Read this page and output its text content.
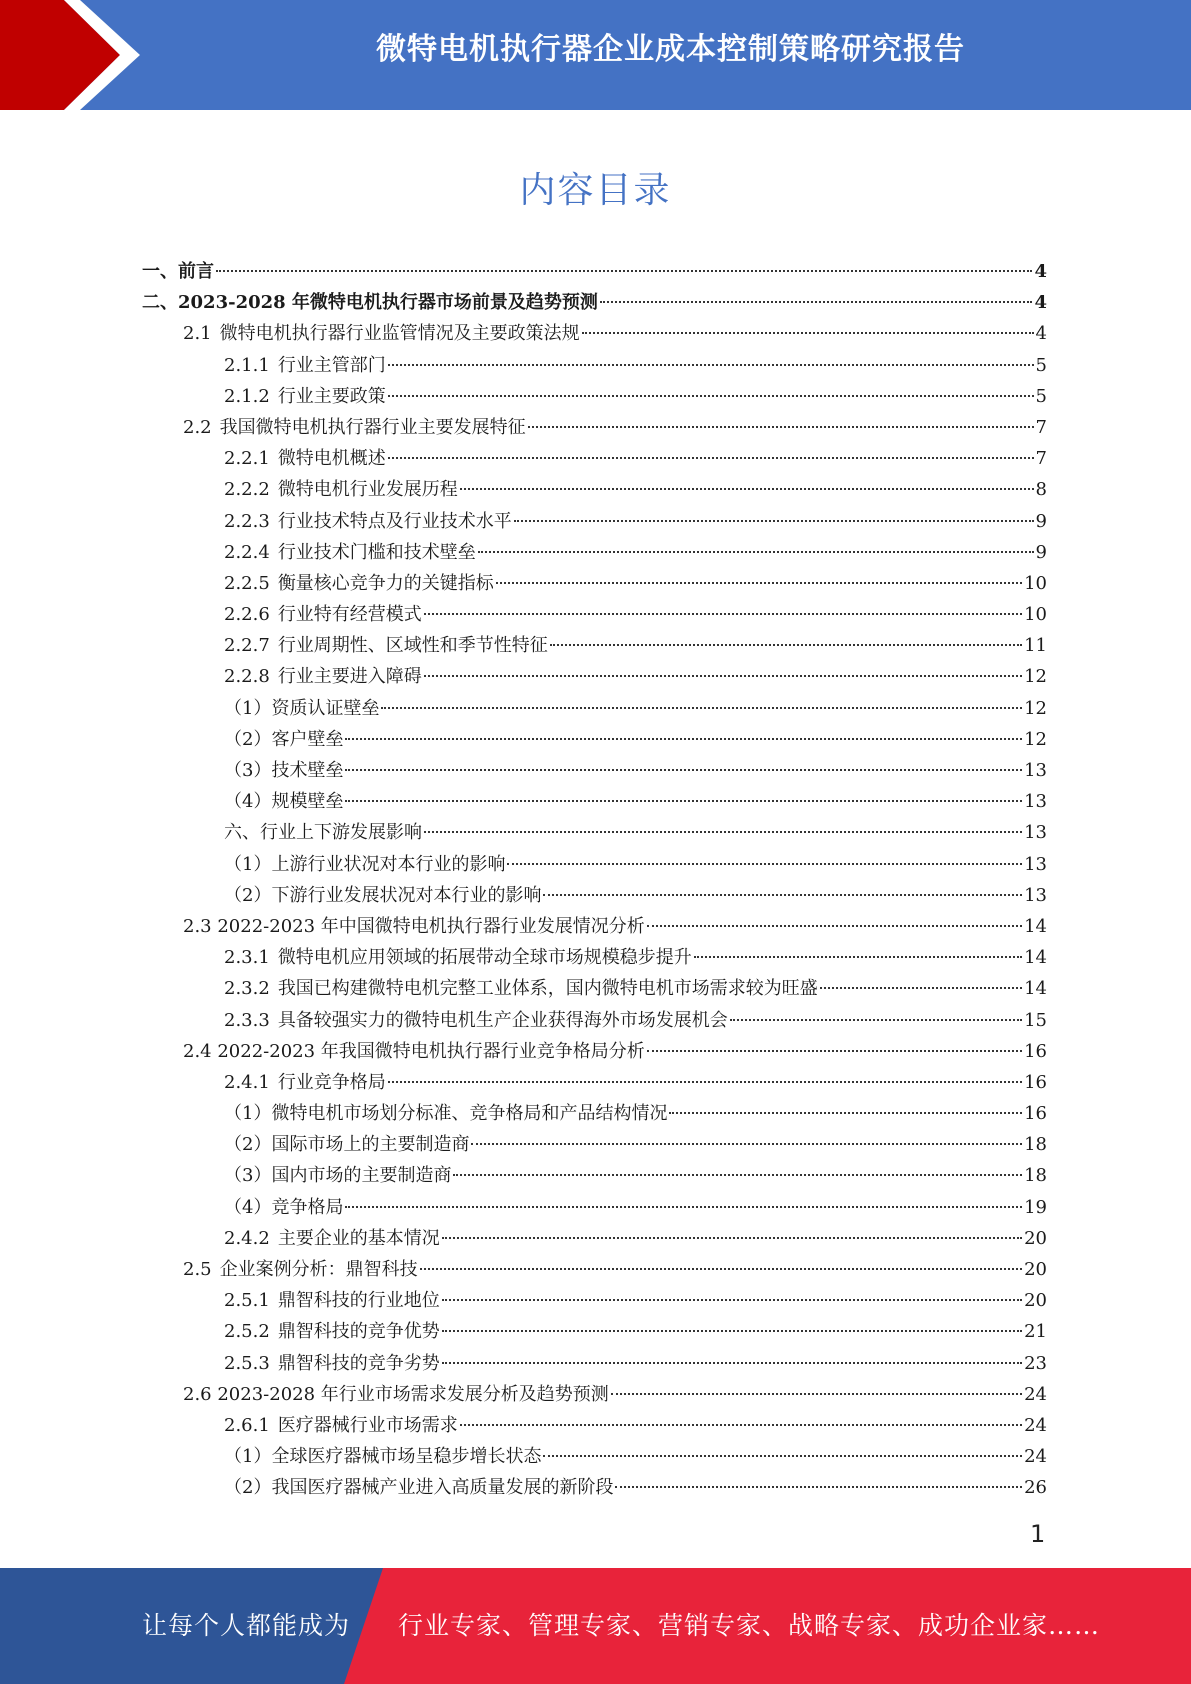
微特电机执行器企业成本控制策略研究报告
内容目录
一、前言	4
二、2023-2028 年微特电机执行器市场前景及趋势预测	4
2.1 微特电机执行器行业监管情况及主要政策法规	4
2.1.1 行业主管部门	5
2.1.2 行业主要政策	5
2.2 我国微特电机执行器行业主要发展特征	7
2.2.1 微特电机概述	7
2.2.2 微特电机行业发展历程	8
2.2.3 行业技术特点及行业技术水平	9
2.2.4 行业技术门槛和技术壁垒	9
2.2.5 衡量核心竞争力的关键指标	10
2.2.6 行业特有经营模式	10
2.2.7 行业周期性、区域性和季节性特征	11
2.2.8 行业主要进入障碍	12
（1）资质认证壁垒	12
（2）客户壁垒	12
（3）技术壁垒	13
（4）规模壁垒	13
六、行业上下游发展影响	13
（1）上游行业状况对本行业的影响	13
（2）下游行业发展状况对本行业的影响	13
2.3 2022-2023 年中国微特电机执行器行业发展情况分析	14
2.3.1 微特电机应用领域的拓展带动全球市场规模稳步提升	14
2.3.2 我国已构建微特电机完整工业体系，国内微特电机市场需求较为旺盛	14
2.3.3 具备较强实力的微特电机生产企业获得海外市场发展机会	15
2.4 2022-2023 年我国微特电机执行器行业竞争格局分析	16
2.4.1 行业竞争格局	16
（1）微特电机市场划分标准、竞争格局和产品结构情况	16
（2）国际市场上的主要制造商	18
（3）国内市场的主要制造商	18
（4）竞争格局	19
2.4.2 主要企业的基本情况	20
2.5 企业案例分析：鼎智科技	20
2.5.1 鼎智科技的行业地位	20
2.5.2 鼎智科技的竞争优势	21
2.5.3 鼎智科技的竞争劣势	23
2.6 2023-2028 年行业市场需求发展分析及趋势预测	24
2.6.1 医疗器械行业市场需求	24
（1）全球医疗器械市场呈稳步增长状态	24
（2）我国医疗器械产业进入高质量发展的新阶段	26
1
让每个人都能成为 行业专家、管理专家、营销专家、战略专家、成功企业家……
